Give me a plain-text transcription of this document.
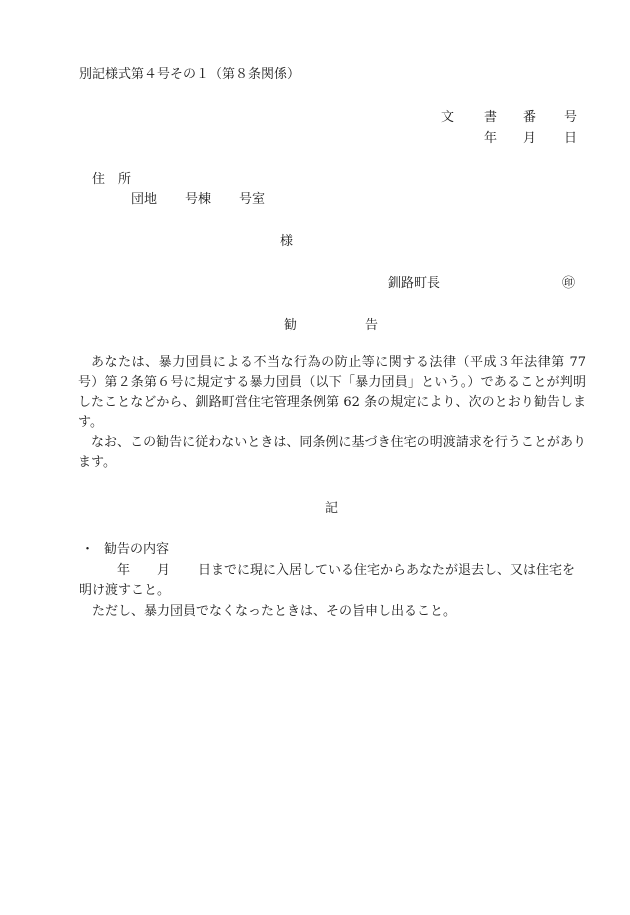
別記様式第４号その１（第８条関係）
文 書 番 号
年 月 日
住　所
団地 号棟 号室
様
釧路町長	㊞
勧	告
あなたは、暴力団員による不当な行為の防止等に関する法律（平成３年法律第 77 号）第２条第６号に規定する暴力団員（以下「暴力団員」という。）であることが判明したことなどから、釧路町営住宅管理条例第 62 条の規定により、次のとおり勧告します。
なお、この勧告に従わないときは、同条例に基づき住宅の明渡請求を行うことがあります。
記
・ 勧告の内容
年 月 日までに現に入居している住宅からあなたが退去し、又は住宅を
明け渡すこと。
ただし、暴力団員でなくなったときは、その旨申し出ること。
